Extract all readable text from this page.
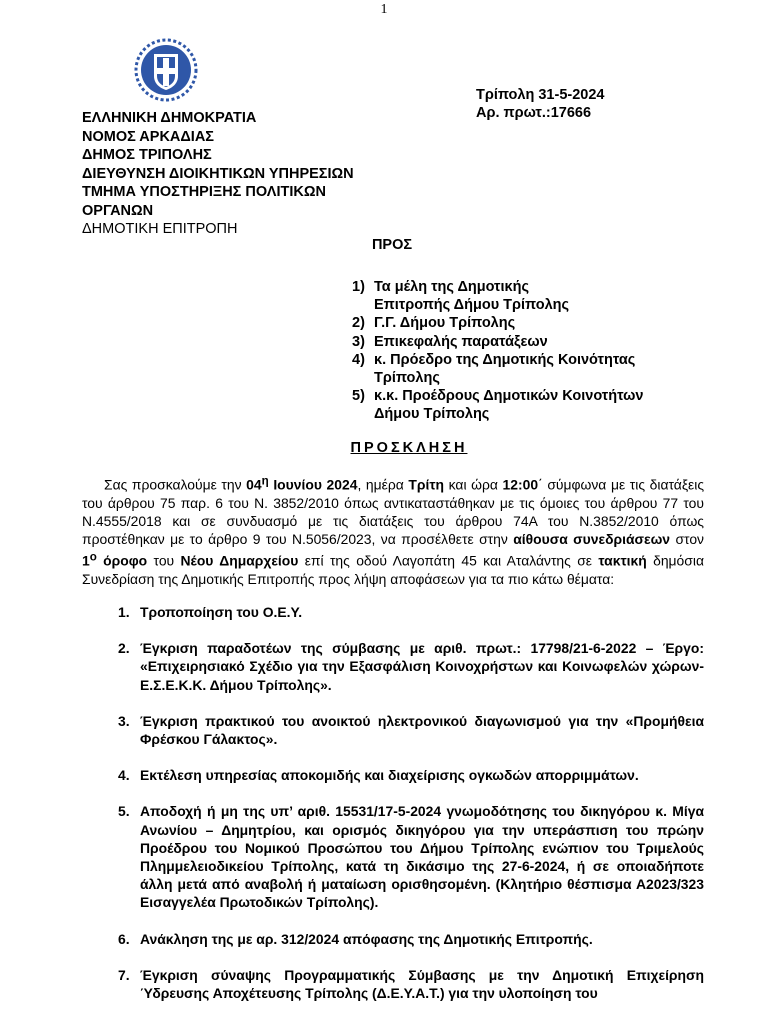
1
Τρίπολη 31-5-2024
Αρ. πρωτ.:17666
ΕΛΛΗΝΙΚΗ ΔΗΜΟΚΡΑΤΙΑ
ΝΟΜΟΣ ΑΡΚΑΔΙΑΣ
ΔΗΜΟΣ ΤΡΙΠΟΛΗΣ
ΔΙΕΥΘΥΝΣΗ ΔΙΟΙΚΗΤΙΚΩΝ ΥΠΗΡΕΣΙΩΝ
ΤΜΗΜΑ ΥΠΟΣΤΗΡΙΞΗΣ ΠΟΛΙΤΙΚΩΝ
ΟΡΓΑΝΩΝ
ΔΗΜΟΤΙΚΗ ΕΠΙΤΡΟΠΗ
ΠΡΟΣ
1) Τα μέλη της Δημοτικής
Επιτροπής Δήμου Τρίπολης
2) Γ.Γ. Δήμου Τρίπολης
3) Επικεφαλής παρατάξεων
4) κ. Πρόεδρο της Δημοτικής Κοινότητας
Τρίπολης
5) κ.κ. Προέδρους Δημοτικών Κοινοτήτων
Δήμου Τρίπολης
ΠΡΟΣΚΛΗΣΗ

Σας προσκαλούμε την $04^\eta$ Ιουνίου 2024, ημέρα Τρίτη και ώρα 12:00΄ σύμφωνα με τις διατάξεις του άρθρου 75 παρ. 6 του Ν. 3852/2010 όπως αντικαταστάθηκαν με τις όμοιες του άρθρου 77 του Ν.4555/2018 και σε συνδυασμό με τις διατάξεις του άρθρου 74Α του Ν.3852/2010 όπως προστέθηκαν με το άρθρο 9 του Ν.5056/2023, να προσέλθετε στην αίθουσα συνεδριάσεων στον $1^o$ όροφο του Νέου Δημαρχείου επί της οδού Λαγοπάτη 45 και Αταλάντης σε τακτική δημόσια Συνεδρίαση της Δημοτικής Επιτροπής προς λήψη αποφάσεων για τα πιο κάτω θέματα:

1. Τροποποίηση του Ο.Ε.Υ.
2. Έγκριση παραδοτέων της σύμβασης με αριθ. πρωτ.: 17798/21-6-2022 – Έργο: «Επιχειρησιακό Σχέδιο για την Εξασφάλιση Κοινοχρήστων και Κοινωφελών χώρων-Ε.Σ.Ε.Κ.Κ. Δήμου Τρίπολης».
3. Έγκριση πρακτικού του ανοικτού ηλεκτρονικού διαγωνισμού για την «Προμήθεια Φρέσκου Γάλακτος».
4. Εκτέλεση υπηρεσίας αποκομιδής και διαχείρισης ογκωδών απορριμμάτων.
5. Αποδοχή ή μη της υπ’ αριθ. 15531/17-5-2024 γνωμοδότησης του δικηγόρου κ. Μίγα Ανωνίου – Δημητρίου, και ορισμός δικηγόρου για την υπεράσπιση του πρώην Προέδρου του Νομικού Προσώπου του Δήμου Τρίπολης ενώπιον του Τριμελούς Πλημμελειοδικείου Τρίπολης, κατά τη δικάσιμο της 27-6-2024, ή σε οποιαδήποτε άλλη μετά από αναβολή ή ματαίωση ορισθησομένη. (Κλητήριο θέσπισμα Α2023/323 Εισαγγελέα Πρωτοδικών Τρίπολης).
6. Ανάκληση της με αρ. 312/2024 απόφασης της Δημοτικής Επιτροπής.
7. Έγκριση σύναψης Προγραμματικής Σύμβασης με την Δημοτική Επιχείρηση Ύδρευσης Αποχέτευσης Τρίπολης (Δ.Ε.Υ.Α.Τ.) για την υλοποίηση του
